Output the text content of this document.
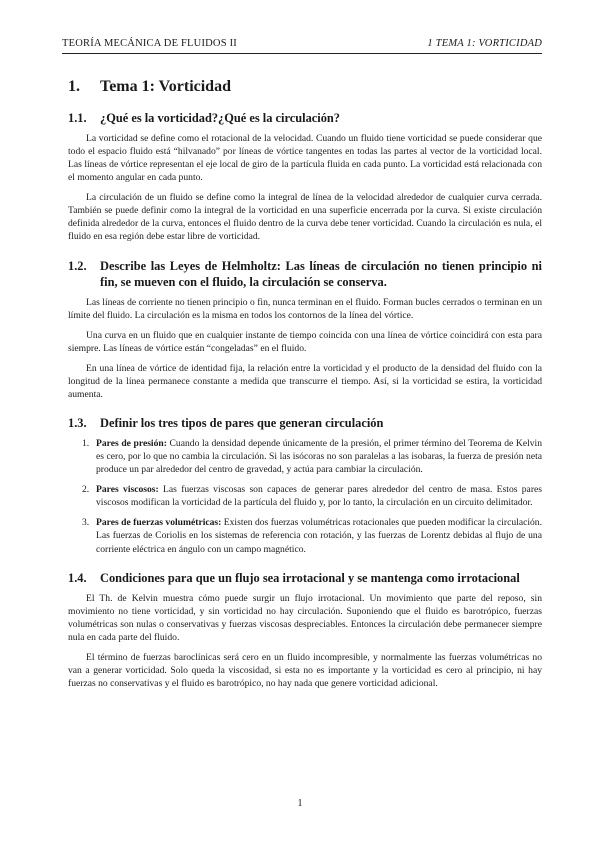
TEORÍA MECÁNICA DE FLUIDOS II	1 TEMA 1: VORTICIDAD
1. Tema 1: Vorticidad
1.1.	¿Qué es la vorticidad?¿Qué es la circulación?

La vorticidad se define como el rotacional de la velocidad. Cuando un fluido tiene vorticidad se puede considerar que todo el espacio fluido está “hilvanado” por líneas de vórtice tangentes en todas las partes al vector de la vorticidad local. Las líneas de vórtice representan el eje local de giro de la partícula fluida en cada punto. La vorticidad está relacionada con el momento angular en cada punto.

La circulación de un fluido se define como la integral de línea de la velocidad alrededor de cualquier curva cerrada. También se puede definir como la integral de la vorticidad en una superficie encerrada por la curva. Si existe circulación definida alrededor de la curva, entonces el fluido dentro de la curva debe tener vorticidad. Cuando la circulación es nula, el fluido en esa región debe estar libre de vorticidad.

1.2.	Describe las Leyes de Helmholtz: Las líneas de circulación no tienen principio ni fin, se mueven con el fluido, la circulación se conserva.

Las líneas de corriente no tienen principio o fin, nunca terminan en el fluido. Forman bucles cerrados o terminan en un límite del fluido. La circulación es la misma en todos los contornos de la línea del vórtice.

Una curva en un fluido que en cualquier instante de tiempo coincida con una línea de vórtice coincidirá con esta para siempre. Las líneas de vórtice están “congeladas” en el fluido.

En una línea de vórtice de identidad fija, la relación entre la vorticidad y el producto de la densidad del fluido con la longitud de la línea permanece constante a medida que transcurre el tiempo. Así, si la vorticidad se estira, la vorticidad aumenta.

1.3.	Definir los tres tipos de pares que generan circulación
1. Pares de presión: Cuando la densidad depende únicamente de la presión, el primer término del Teorema de Kelvin es cero, por lo que no cambia la circulación. Si las isócoras no son paralelas a las isobaras, la fuerza de presión neta produce un par alrededor del centro de gravedad, y actúa para cambiar la circulación.
2. Pares viscosos: Las fuerzas viscosas son capaces de generar pares alrededor del centro de masa. Estos pares viscosos modifican la vorticidad de la partícula del fluido y, por lo tanto, la circulación en un circuito delimitador.
3. Pares de fuerzas volumétricas: Existen dos fuerzas volumétricas rotacionales que pueden modificar la circulación. Las fuerzas de Coriolis en los sistemas de referencia con rotación, y las fuerzas de Lorentz debidas al flujo de una corriente eléctrica en ángulo con un campo magnético.
1.4.	Condiciones para que un flujo sea irrotacional y se mantenga como irrotacional

El Th. de Kelvin muestra cómo puede surgir un flujo irrotacional. Un movimiento que parte del reposo, sin movimiento no tiene vorticidad, y sin vorticidad no hay circulación. Suponiendo que el fluido es barotrópico, fuerzas volumétricas son nulas o conservativas y fuerzas viscosas despreciables. Entonces la circulación debe permanecer siempre nula en cada parte del fluido.

El término de fuerzas baroclínicas será cero en un fluido incompresible, y normalmente las fuerzas volumétricas no van a generar vorticidad. Solo queda la viscosidad, si esta no es importante y la vorticidad es cero al principio, ni hay fuerzas no conservativas y el fluido es barotrópico, no hay nada que genere vorticidad adicional.

1
